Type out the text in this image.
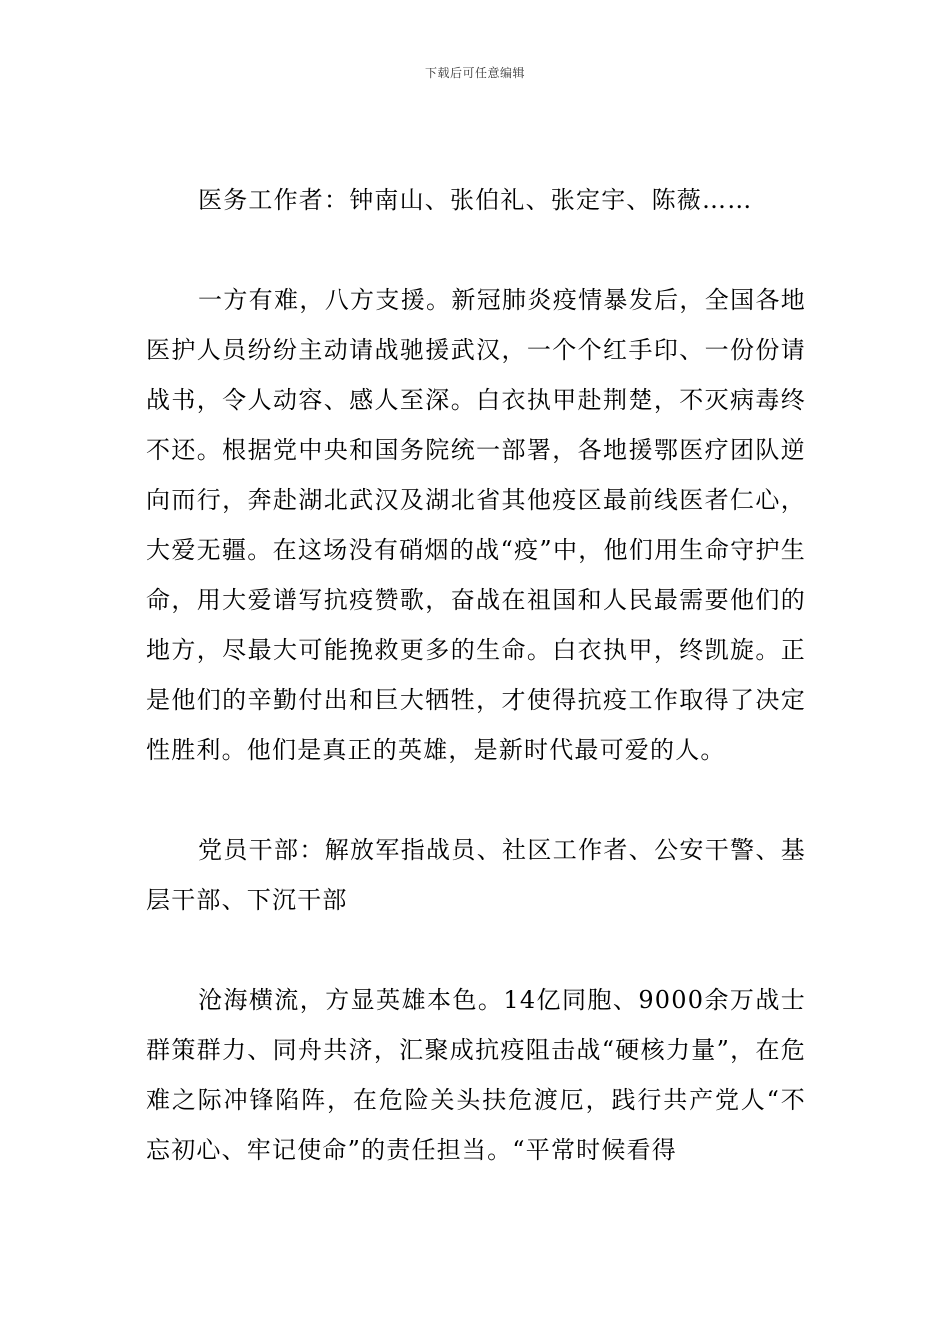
下载后可任意编辑

医务工作者：钟南山、张伯礼、张定宇、陈薇……

一方有难，八方支援。新冠肺炎疫情暴发后，全国各地医护人员纷纷主动请战驰援武汉，一个个红手印、一份份请战书，令人动容、感人至深。白衣执甲赴荆楚，不灭病毒终不还。根据党中央和国务院统一部署，各地援鄂医疗团队逆向而行，奔赴湖北武汉及湖北省其他疫区最前线医者仁心，大爱无疆。在这场没有硝烟的战“疫”中，他们用生命守护生命，用大爱谱写抗疫赞歌，奋战在祖国和人民最需要他们的地方，尽最大可能挽救更多的生命。白衣执甲，终凯旋。正是他们的辛勤付出和巨大牺牲，才使得抗疫工作取得了决定性胜利。他们是真正的英雄，是新时代最可爱的人。

党员干部：解放军指战员、社区工作者、公安干警、基层干部、下沉干部

沧海横流，方显英雄本色。14亿同胞、9000余万战士群策群力、同舟共济，汇聚成抗疫阻击战“硬核力量”，在危难之际冲锋陷阵，在危险关头扶危渡厄，践行共产党人“不忘初心、牢记使命”的责任担当。“平常时候看得
